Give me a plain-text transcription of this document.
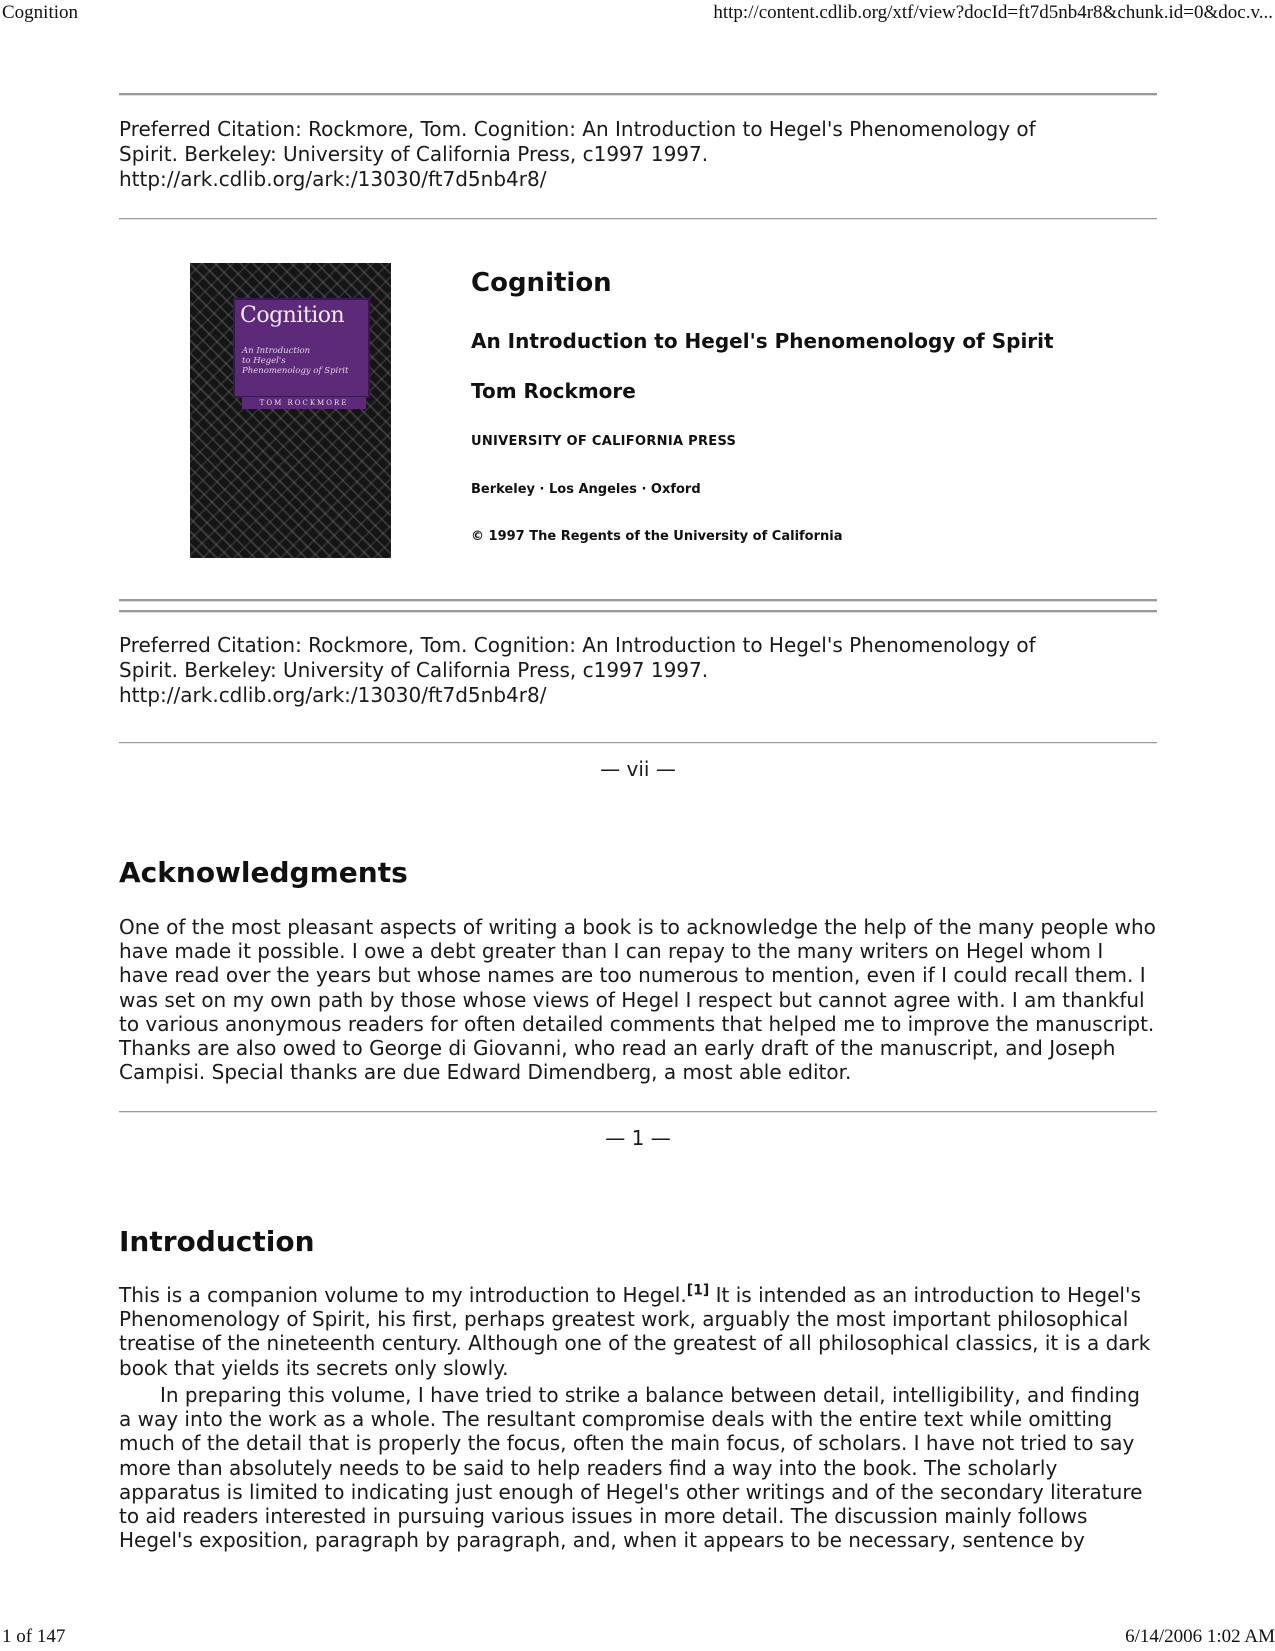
Cognition	http://content.cdlib.org/xtf/view?docId=ft7d5nb4r8&chunk.id=0&doc.v...
Preferred Citation: Rockmore, Tom. Cognition: An Introduction to Hegel's Phenomenology of
Spirit. Berkeley: University of California Press, c1997 1997.
http://ark.cdlib.org/ark:/13030/ft7d5nb4r8/
Cognition
An Introduction
to Hegel's
Phenomenology of Spirit
TOM ROCKMORE
Cognition
An Introduction to Hegel's Phenomenology of Spirit
Tom Rockmore
UNIVERSITY OF CALIFORNIA PRESS
Berkeley · Los Angeles · Oxford
© 1997 The Regents of the University of California
Preferred Citation: Rockmore, Tom. Cognition: An Introduction to Hegel's Phenomenology of
Spirit. Berkeley: University of California Press, c1997 1997.
http://ark.cdlib.org/ark:/13030/ft7d5nb4r8/
— vii —
Acknowledgments
One of the most pleasant aspects of writing a book is to acknowledge the help of the many people who
have made it possible. I owe a debt greater than I can repay to the many writers on Hegel whom I
have read over the years but whose names are too numerous to mention, even if I could recall them. I
was set on my own path by those whose views of Hegel I respect but cannot agree with. I am thankful
to various anonymous readers for often detailed comments that helped me to improve the manuscript.
Thanks are also owed to George di Giovanni, who read an early draft of the manuscript, and Joseph
Campisi. Special thanks are due Edward Dimendberg, a most able editor.
— 1 —
Introduction
This is a companion volume to my introduction to Hegel.[1] It is intended as an introduction to Hegel's
Phenomenology of Spirit, his first, perhaps greatest work, arguably the most important philosophical
treatise of the nineteenth century. Although one of the greatest of all philosophical classics, it is a dark
book that yields its secrets only slowly.
In preparing this volume, I have tried to strike a balance between detail, intelligibility, and finding
a way into the work as a whole. The resultant compromise deals with the entire text while omitting
much of the detail that is properly the focus, often the main focus, of scholars. I have not tried to say
more than absolutely needs to be said to help readers find a way into the book. The scholarly
apparatus is limited to indicating just enough of Hegel's other writings and of the secondary literature
to aid readers interested in pursuing various issues in more detail. The discussion mainly follows
Hegel's exposition, paragraph by paragraph, and, when it appears to be necessary, sentence by
1 of 147	6/14/2006 1:02 AM
